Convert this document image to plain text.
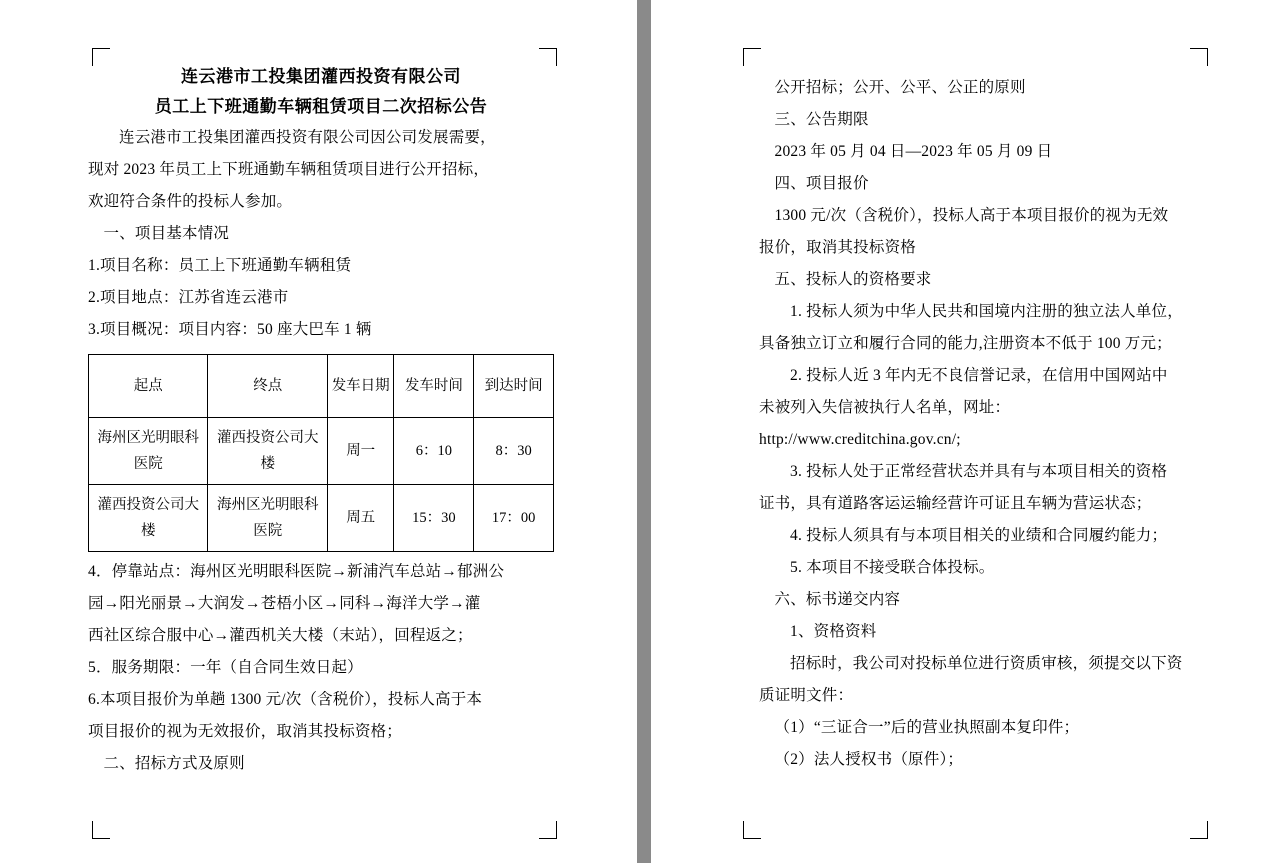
连云港市工投集团灌西投资有限公司
员工上下班通勤车辆租赁项目二次招标公告

连云港市工投集团灌西投资有限公司因公司发展需要，

现对 2023 年员工上下班通勤车辆租赁项目进行公开招标，

欢迎符合条件的投标人参加。

一、项目基本情况

1.项目名称：员工上下班通勤车辆租赁

2.项目地点：江苏省连云港市

3.项目概况：项目内容：50 座大巴车 1 辆

起点	终点	发车日期	发车时间	到达时间
海州区光明眼科医院	灌西投资公司大楼	周一	6：10	8：30
灌西投资公司大楼	海州区光明眼科医院	周五	15：30	17：00

4．停靠站点：海州区光明眼科医院→新浦汽车总站→郁洲公

园→阳光丽景→大润发→苍梧小区→同科→海洋大学→灌

西社区综合服中心→灌西机关大楼（末站），回程返之；

5．服务期限：一年（自合同生效日起）

6.本项目报价为单趟 1300 元/次（含税价），投标人高于本

项目报价的视为无效报价，取消其投标资格；

二、招标方式及原则

公开招标；公开、公平、公正的原则

三、公告期限

2023 年 05 月 04 日—2023 年 05 月 09 日

四、项目报价

1300 元/次（含税价），投标人高于本项目报价的视为无效

报价，取消其投标资格

五、投标人的资格要求

1. 投标人须为中华人民共和国境内注册的独立法人单位，

具备独立订立和履行合同的能力,注册资本不低于 100 万元；

2. 投标人近 3 年内无不良信誉记录，在信用中国网站中

未被列入失信被执行人名单，网址：

http://www.creditchina.gov.cn/;

3. 投标人处于正常经营状态并具有与本项目相关的资格

证书，具有道路客运运输经营许可证且车辆为营运状态；

4. 投标人须具有与本项目相关的业绩和合同履约能力；

5. 本项目不接受联合体投标。

六、标书递交内容

1、资格资料

招标时，我公司对投标单位进行资质审核，须提交以下资

质证明文件：

（1）“三证合一”后的营业执照副本复印件；

（2）法人授权书（原件）；
